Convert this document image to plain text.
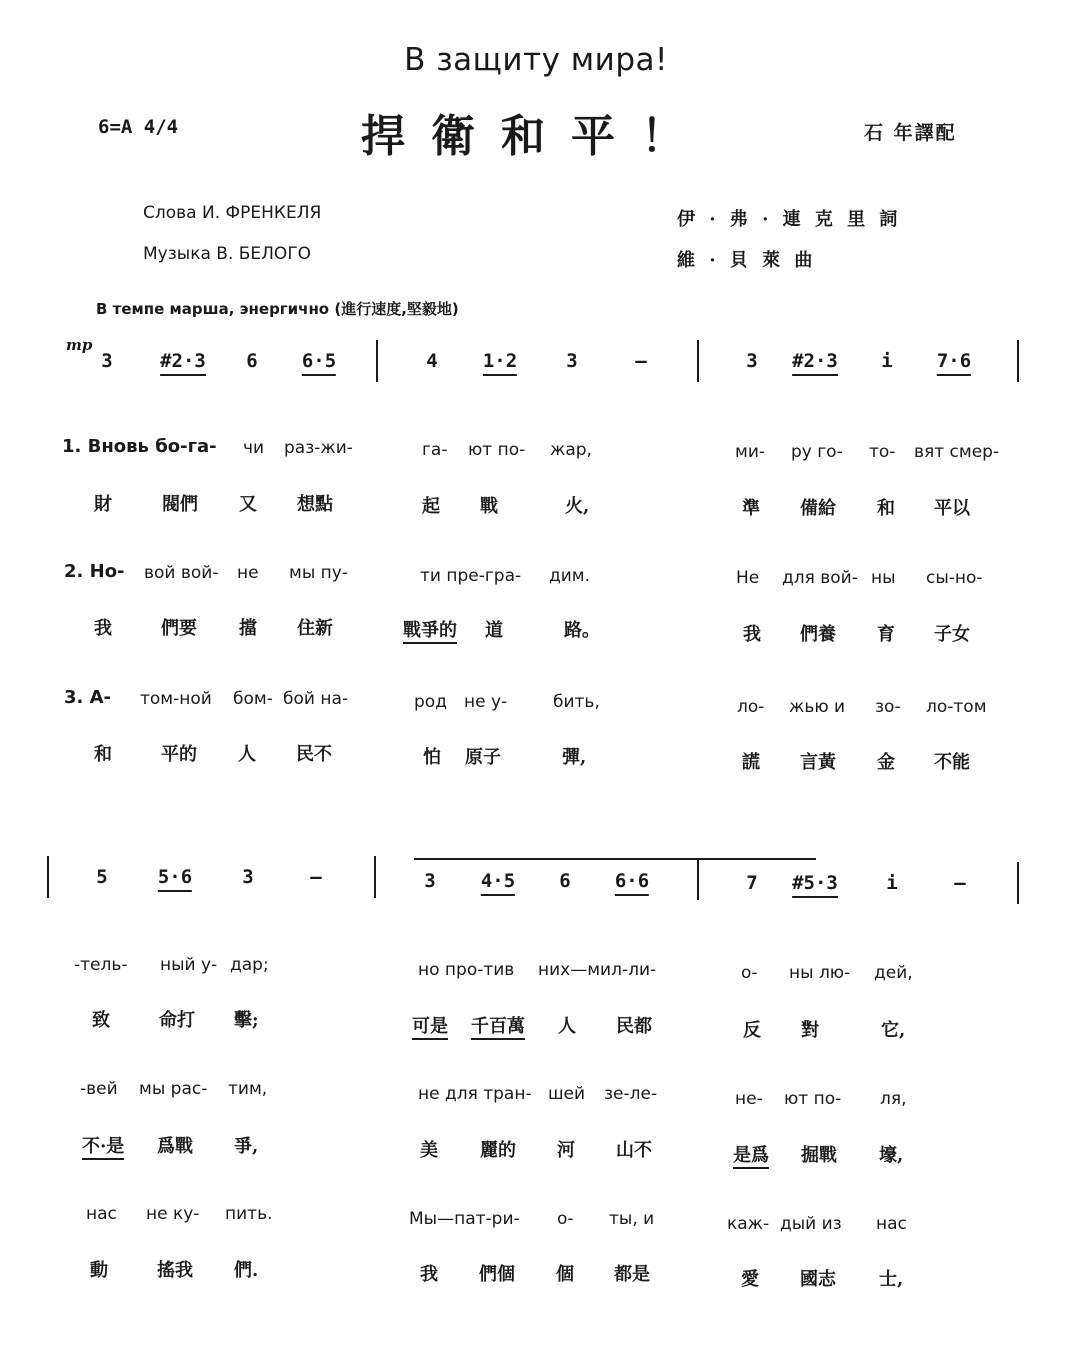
В защиту мира!
捍衛和平！
6=A 4/4	石 年譯配
Слова И. ФРЕНКЕЛЯ
Музыка В. БЕЛОГО
伊 · 弗 · 連 克 里 詞
維 · 貝 萊 曲
В темпе марша, энергично (進行速度,堅毅地)
mp
3 #2·3 6 6·5	4 1·2	3	—	3 #2·3 i 7·6
1. Вновь бо-га- чи раз-жи-	га- ют по- жар,	ми- ру го- то- вят смер-
財	閥們 又 想點	起 戰	火,	準 備給 和 平以
2. Но- вой вой- не мы пу-	ти пре-гра- дим.	Не для вой- ны сы-но-
我	們要 擋 住新	戰爭的 道	路。	我 們養 育 子女
3. А- том-ной бом- бой на-	род не у-	бить,	ло- жью и зо- ло-том
和	平的 人 民不	怕 原子	彈,	謊 言黃 金 不能
5	5·6	3	—	3 4·5 6 6·6	7 #5·3	i	—
-тель- ный у- дар;	но про-тив них—мил-ли-	о- ны лю- дей,
致	命打 擊;	可是 千百萬 人 民都	反 對	它,
-вей мы рас- тим,	не для тран- шей зе-ле-	не- ют по- ля,
不·是 爲戰 爭,	美 麗的 河 山不	是爲 掘戰 壕,
нас не ку- пить.	Мы—пат-ри- о- ты, и	каж- дый из нас
動	搖我 們.	我 們個 個 都是	愛 國志 士,
